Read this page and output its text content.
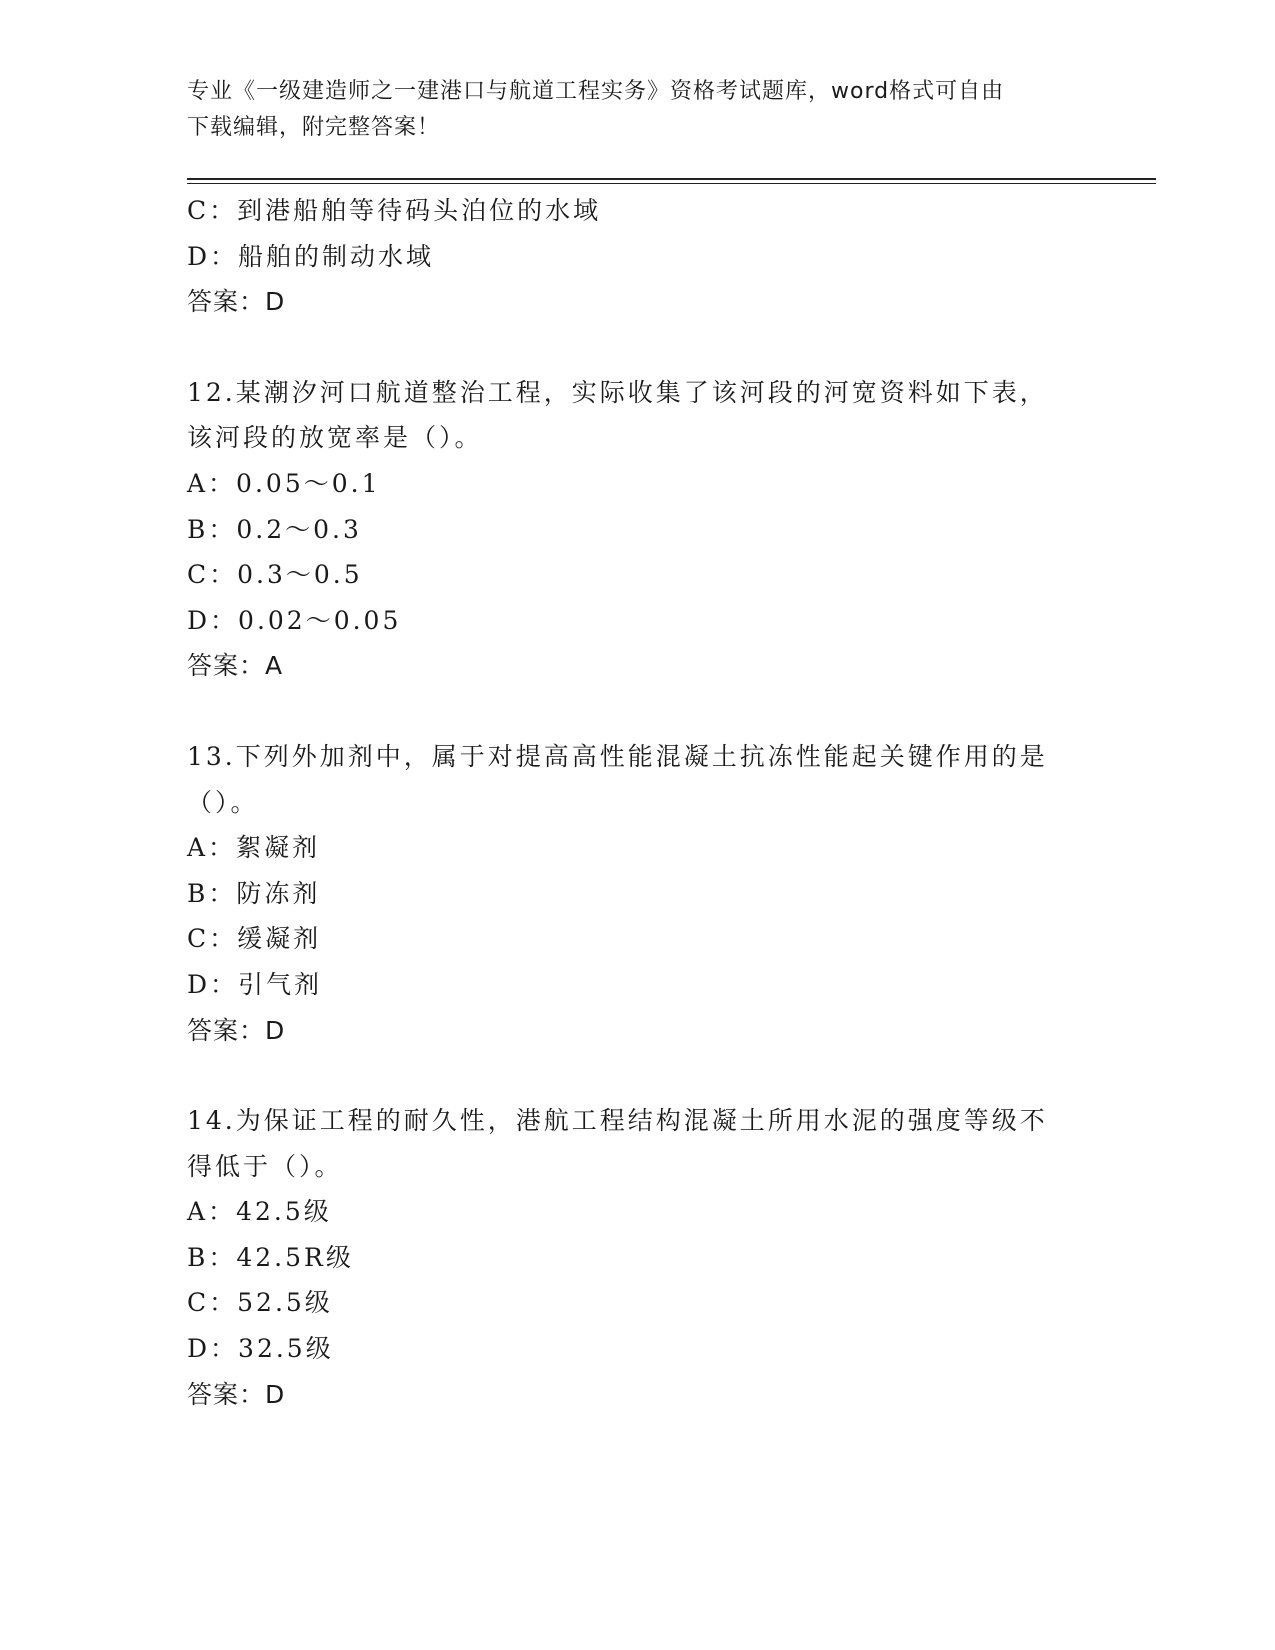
专业《一级建造师之一建港口与航道工程实务》资格考试题库，word格式可自由
下载编辑，附完整答案！
C：到港船舶等待码头泊位的水域
D：船舶的制动水域
答案：D
12.某潮汐河口航道整治工程，实际收集了该河段的河宽资料如下表，
该河段的放宽率是（）。
A：0.05～0.1
B：0.2～0.3
C：0.3～0.5
D：0.02～0.05
答案：A
13.下列外加剂中，属于对提高高性能混凝土抗冻性能起关键作用的是
（）。
A：絮凝剂
B：防冻剂
C：缓凝剂
D：引气剂
答案：D
14.为保证工程的耐久性，港航工程结构混凝土所用水泥的强度等级不
得低于（）。
A：42.5级
B：42.5R级
C：52.5级
D：32.5级
答案：D
